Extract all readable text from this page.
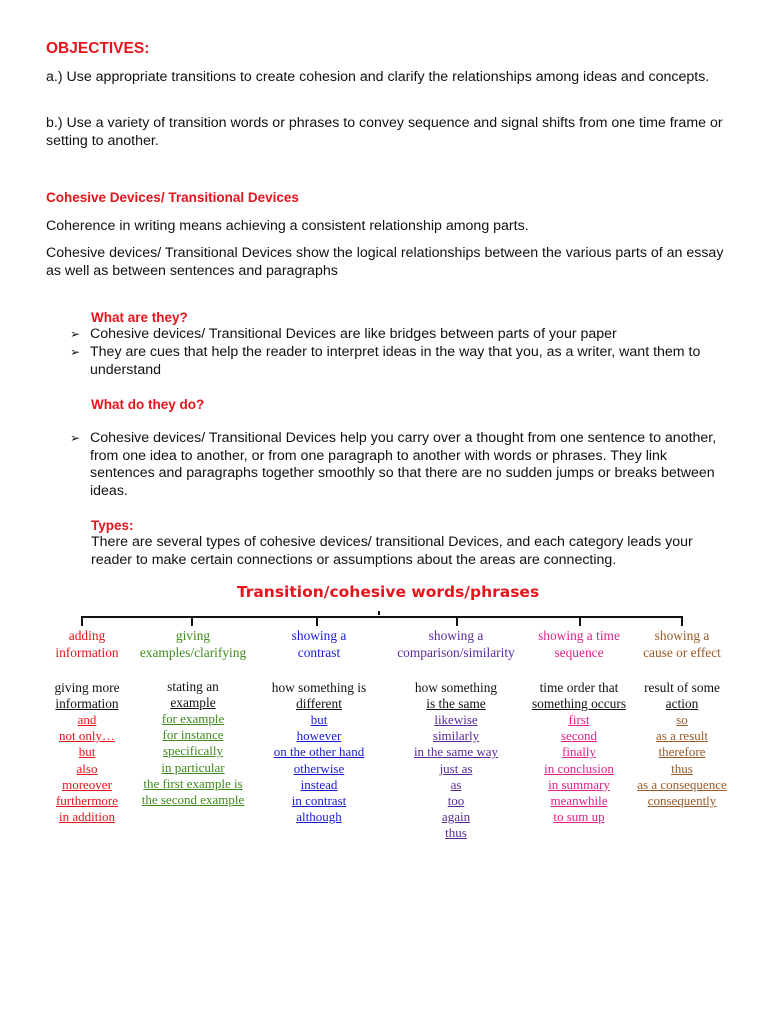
OBJECTIVES:
a.) Use appropriate transitions to create cohesion and clarify the relationships among ideas and concepts.
b.) Use a variety of transition words or phrases to convey sequence and signal shifts from one time frame or setting to another.
Cohesive Devices/ Transitional Devices
Coherence in writing means achieving a consistent relationship among parts.
Cohesive devices/ Transitional Devices show the logical relationships between the various parts of an essay as well as between sentences and paragraphs
What are they?
➢ Cohesive devices/ Transitional Devices are like bridges between parts of your paper
➢ They are cues that help the reader to interpret ideas in the way that you, as a writer, want them to understand
What do they do?
➢ Cohesive devices/ Transitional Devices help you carry over a thought from one sentence to another, from one idea to another, or from one paragraph to another with words or phrases. They link sentences and paragraphs together smoothly so that there are no sudden jumps or breaks between ideas.
Types:
There are several types of cohesive devices/ transitional Devices, and each category leads your reader to make certain connections or assumptions about the areas are connecting.
Transition/cohesive words/phrases
adding
information
giving more
information
and
not only…
but
also
moreover
furthermore
in addition
giving
examples/clarifying
stating an
example
for example
for instance
specifically
in particular
the first example is
the second example
showing a
contrast
how something is
different
but
however
on the other hand
otherwise
instead
in contrast
although
showing a
comparison/similarity
how something
is the same
likewise
similarly
in the same way
just as
as
too
again
thus
showing a time
sequence
time order that
something occurs
first
second
finally
in conclusion
in summary
meanwhile
to sum up
showing a
cause or effect
result of some
action
so
as a result
therefore
thus
as a consequence
consequently
